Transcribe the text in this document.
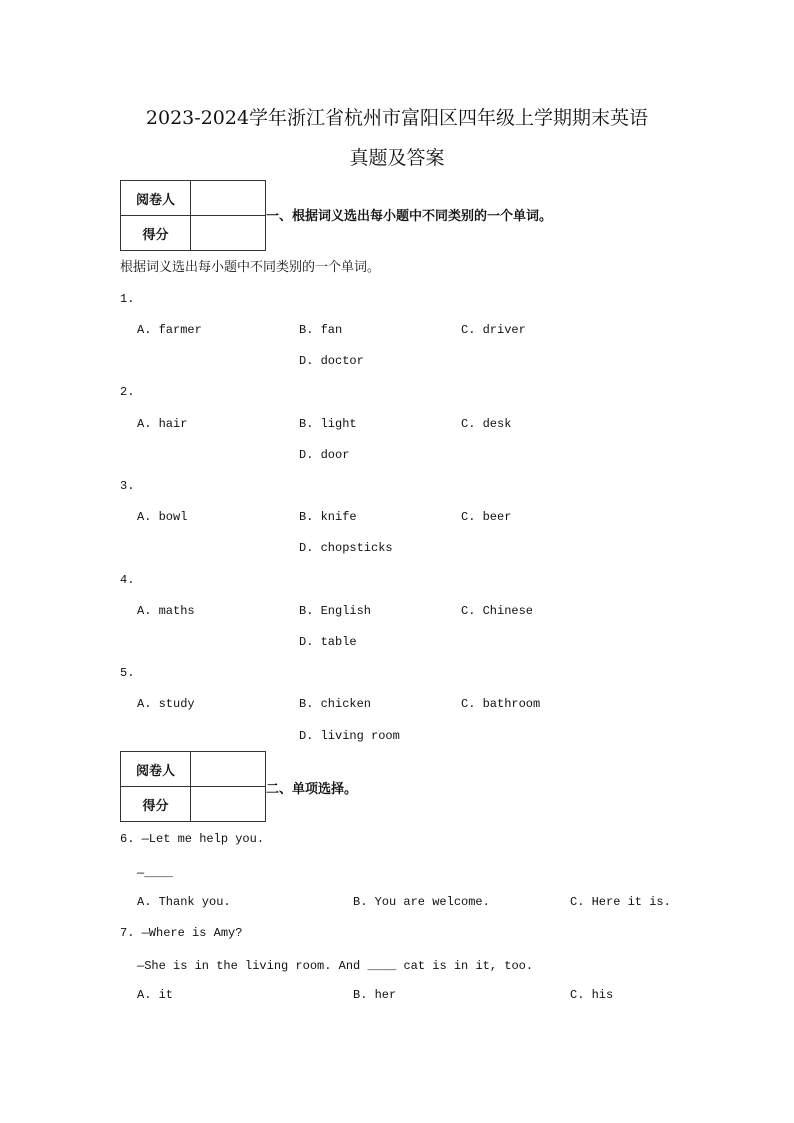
2023-2024学年浙江省杭州市富阳区四年级上学期期末英语
真题及答案
阅卷人	
得分	
一、根据词义选出每小题中不同类别的一个单词。
根据词义选出每小题中不同类别的一个单词。
1.
A. farmer	B. fan	C. driver
D. doctor
2.
A. hair	B. light	C. desk
D. door
3.
A. bowl	B. knife	C. beer
D. chopsticks
4.
A. maths	B. English	C. Chinese
D. table
5.
A. study	B. chicken	C. bathroom
D. living room
阅卷人	
得分	
二、单项选择。
6. —Let me help you.
—____
A. Thank you.	B. You are welcome.	C. Here it is.
7. —Where is Amy?
—She is in the living room. And ____ cat is in it, too.
A. it	B. her	C. his
